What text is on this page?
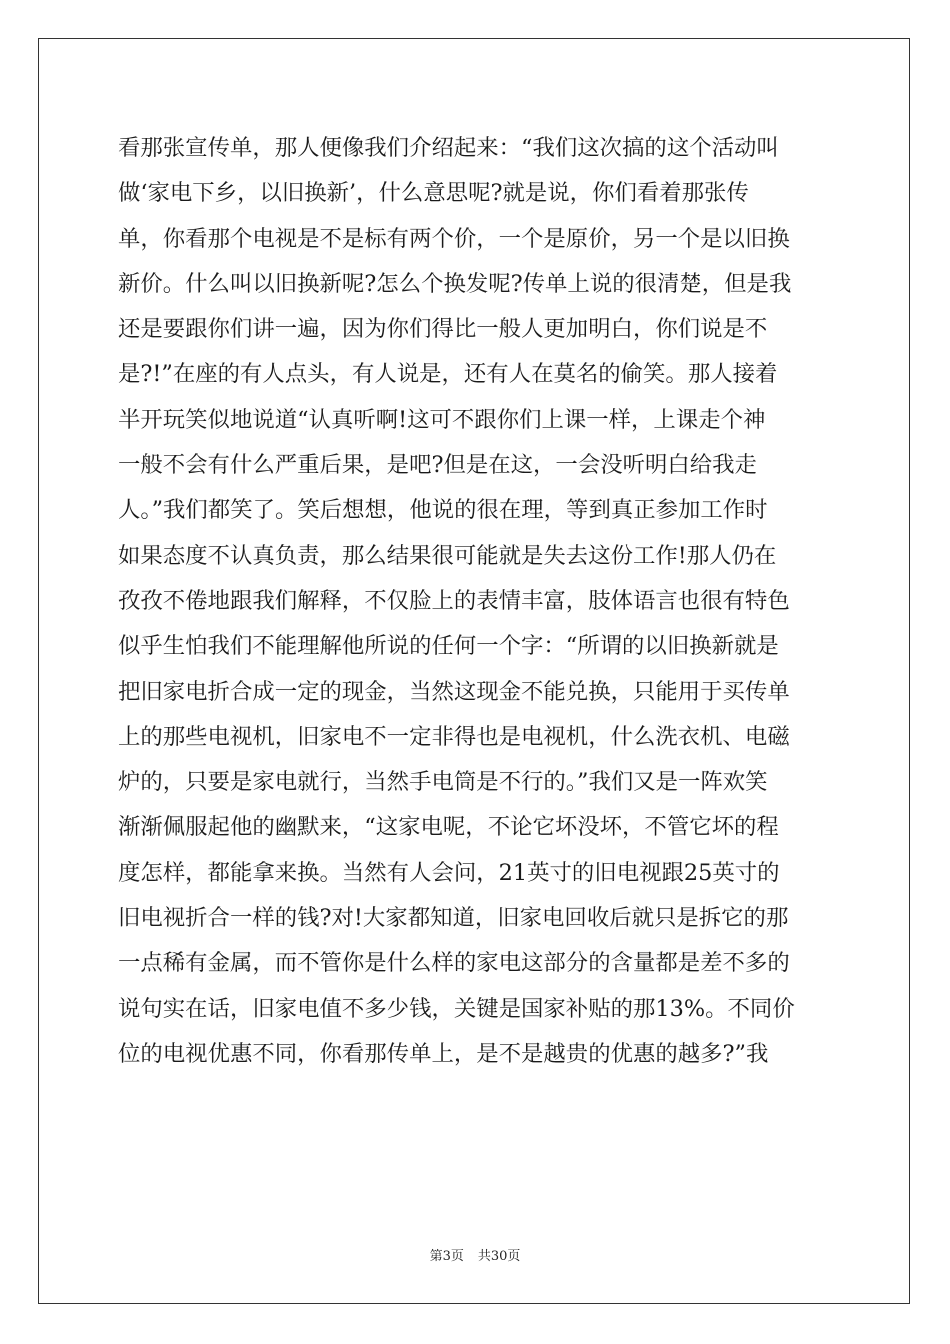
看那张宣传单，那人便像我们介绍起来：“我们这次搞的这个活动叫
做‘家电下乡，以旧换新’，什么意思呢?就是说，你们看着那张传
单，你看那个电视是不是标有两个价，一个是原价，另一个是以旧换
新价。什么叫以旧换新呢?怎么个换发呢?传单上说的很清楚，但是我
还是要跟你们讲一遍，因为你们得比一般人更加明白，你们说是不
是?!”在座的有人点头，有人说是，还有人在莫名的偷笑。那人接着
半开玩笑似地说道“认真听啊!这可不跟你们上课一样，上课走个神
一般不会有什么严重后果，是吧?但是在这，一会没听明白给我走
人。”我们都笑了。笑后想想，他说的很在理，等到真正参加工作时
如果态度不认真负责，那么结果很可能就是失去这份工作!那人仍在
孜孜不倦地跟我们解释，不仅脸上的表情丰富，肢体语言也很有特色
似乎生怕我们不能理解他所说的任何一个字：“所谓的以旧换新就是
把旧家电折合成一定的现金，当然这现金不能兑换，只能用于买传单
上的那些电视机，旧家电不一定非得也是电视机，什么洗衣机、电磁
炉的，只要是家电就行，当然手电筒是不行的。”我们又是一阵欢笑
渐渐佩服起他的幽默来，“这家电呢，不论它坏没坏，不管它坏的程
度怎样，都能拿来换。当然有人会问，21英寸的旧电视跟25英寸的
旧电视折合一样的钱?对!大家都知道，旧家电回收后就只是拆它的那
一点稀有金属，而不管你是什么样的家电这部分的含量都是差不多的
说句实在话，旧家电值不多少钱，关键是国家补贴的那13%。不同价
位的电视优惠不同，你看那传单上，是不是越贵的优惠的越多?”我
第3页 共30页
